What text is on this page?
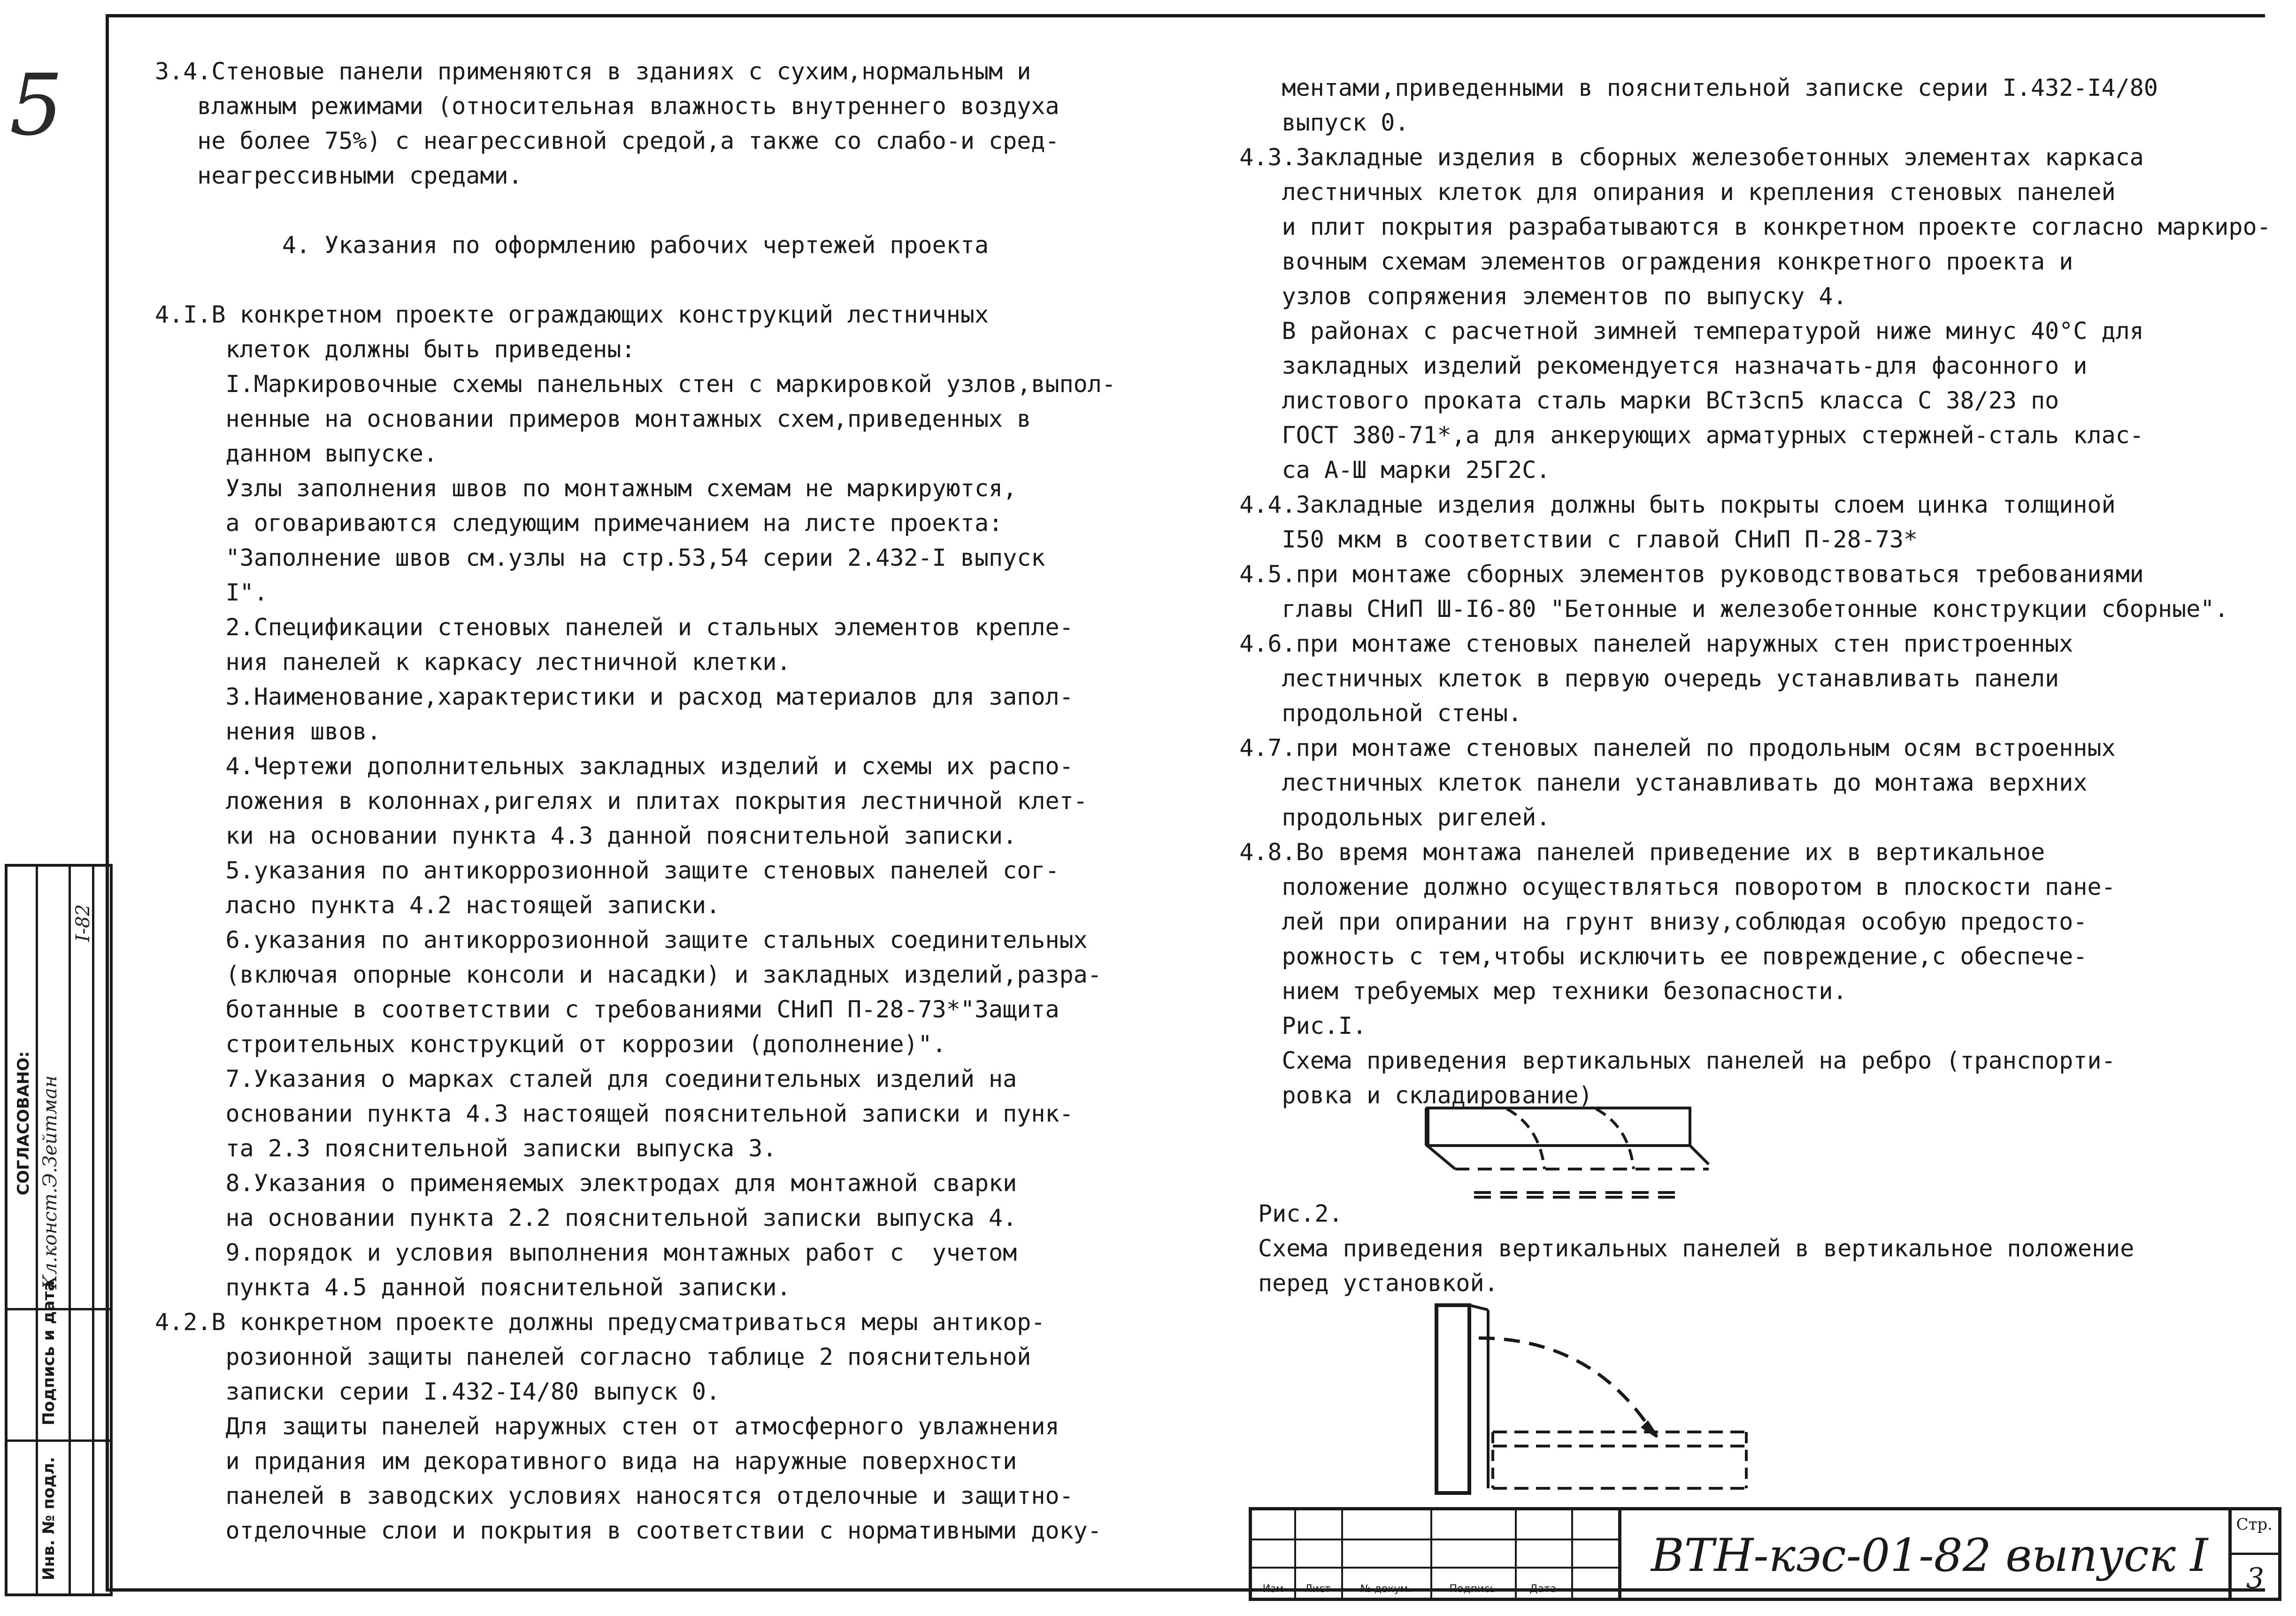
5	3.4.Стеновые панели применяются в зданиях с сухим,нормальным и
влажным режимами (относительная влажность внутреннего воздуха
не более 75%) с неагрессивной средой,а также со слабо-и сред-
неагрессивными средами.
4. Указания по оформлению рабочих чертежей проекта
4.I.В конкретном проекте ограждающих конструкций лестничных
клеток должны быть приведены:
I.Маркировочные схемы панельных стен с маркировкой узлов,выпол-
ненные на основании примеров монтажных схем,приведенных в
данном выпуске.
Узлы заполнения швов по монтажным схемам не маркируются,
а оговариваются следующим примечанием на листе проекта:
"Заполнение швов см.узлы на стр.53,54 серии 2.432-I выпуск
I".
2.Спецификации стеновых панелей и стальных элементов крепле-
ния панелей к каркасу лестничной клетки.
3.Наименование,характеристики и расход материалов для запол-
нения швов.
4.Чертежи дополнительных закладных изделий и схемы их распо-
ложения в колоннах,ригелях и плитах покрытия лестничной клет-
ки на основании пункта 4.3 данной пояснительной записки.
5.указания по антикоррозионной защите стеновых панелей сог-
ласно пункта 4.2 настоящей записки.
6.указания по антикоррозионной защите стальных соединительных
(включая опорные консоли и насадки) и закладных изделий,разра-
ботанные в соответствии с требованиями СНиП П-28-73*"Защита
строительных конструкций от коррозии (дополнение)".
7.Указания о марках сталей для соединительных изделий на
основании пункта 4.3 настоящей пояснительной записки и пунк-
та 2.3 пояснительной записки выпуска 3.
8.Указания о применяемых электродах для монтажной сварки
на основании пункта 2.2 пояснительной записки выпуска 4.
9.порядок и условия выполнения монтажных работ с  учетом
пункта 4.5 данной пояснительной записки.
4.2.В конкретном проекте должны предусматриваться меры антикор-
розионной защиты панелей согласно таблице 2 пояснительной
записки серии I.432-I4/80 выпуск 0.
Для защиты панелей наружных стен от атмосферного увлажнения
и придания им декоративного вида на наружные поверхности
панелей в заводских условиях наносятся отделочные и защитно-
отделочные слои и покрытия в соответствии с нормативными доку-
ментами,приведенными в пояснительной записке серии I.432-I4/80
выпуск 0.
4.3.Закладные изделия в сборных железобетонных элементах каркаса
лестничных клеток для опирания и крепления стеновых панелей
и плит покрытия разрабатываются в конкретном проекте согласно маркиро-
вочным схемам элементов ограждения конкретного проекта и
узлов сопряжения элементов по выпуску 4.
В районах с расчетной зимней температурой ниже минус 40°С для
закладных изделий рекомендуется назначать-для фасонного и
листового проката сталь марки ВСт3сп5 класса С 38/23 по
ГОСТ 380-71*,а для анкерующих арматурных стержней-сталь клас-
са А-Ш марки 25Г2С.
4.4.Закладные изделия должны быть покрыты слоем цинка толщиной
I50 мкм в соответствии с главой СНиП П-28-73*
4.5.при монтаже сборных элементов руководствоваться требованиями
главы СНиП Ш-I6-80 "Бетонные и железобетонные конструкции сборные".
4.6.при монтаже стеновых панелей наружных стен пристроенных
лестничных клеток в первую очередь устанавливать панели
продольной стены.
4.7.при монтаже стеновых панелей по продольным осям встроенных
лестничных клеток панели устанавливать до монтажа верхних
продольных ригелей.
4.8.Во время монтажа панелей приведение их в вертикальное
положение должно осуществляться поворотом в плоскости пане-
лей при опирании на грунт внизу,соблюдая особую предосто-
рожность с тем,чтобы исключить ее повреждение,с обеспече-
нием требуемых мер техники безопасности.
Рис.I.
Схема приведения вертикальных панелей на ребро (транспорти-
ровка и складирование)
Рис.2.
Схема приведения вертикальных панелей в вертикальное положение
перед установкой.
СОГЛАСОВАНО: Кл.конст.Э.Зейтман
I-82
Подпись и дата
Инв. № подл.
Изм	Лист	№ докум.	Подпись	Дата
ВТН-кэс-01-82 выпуск I
Стр.
3
